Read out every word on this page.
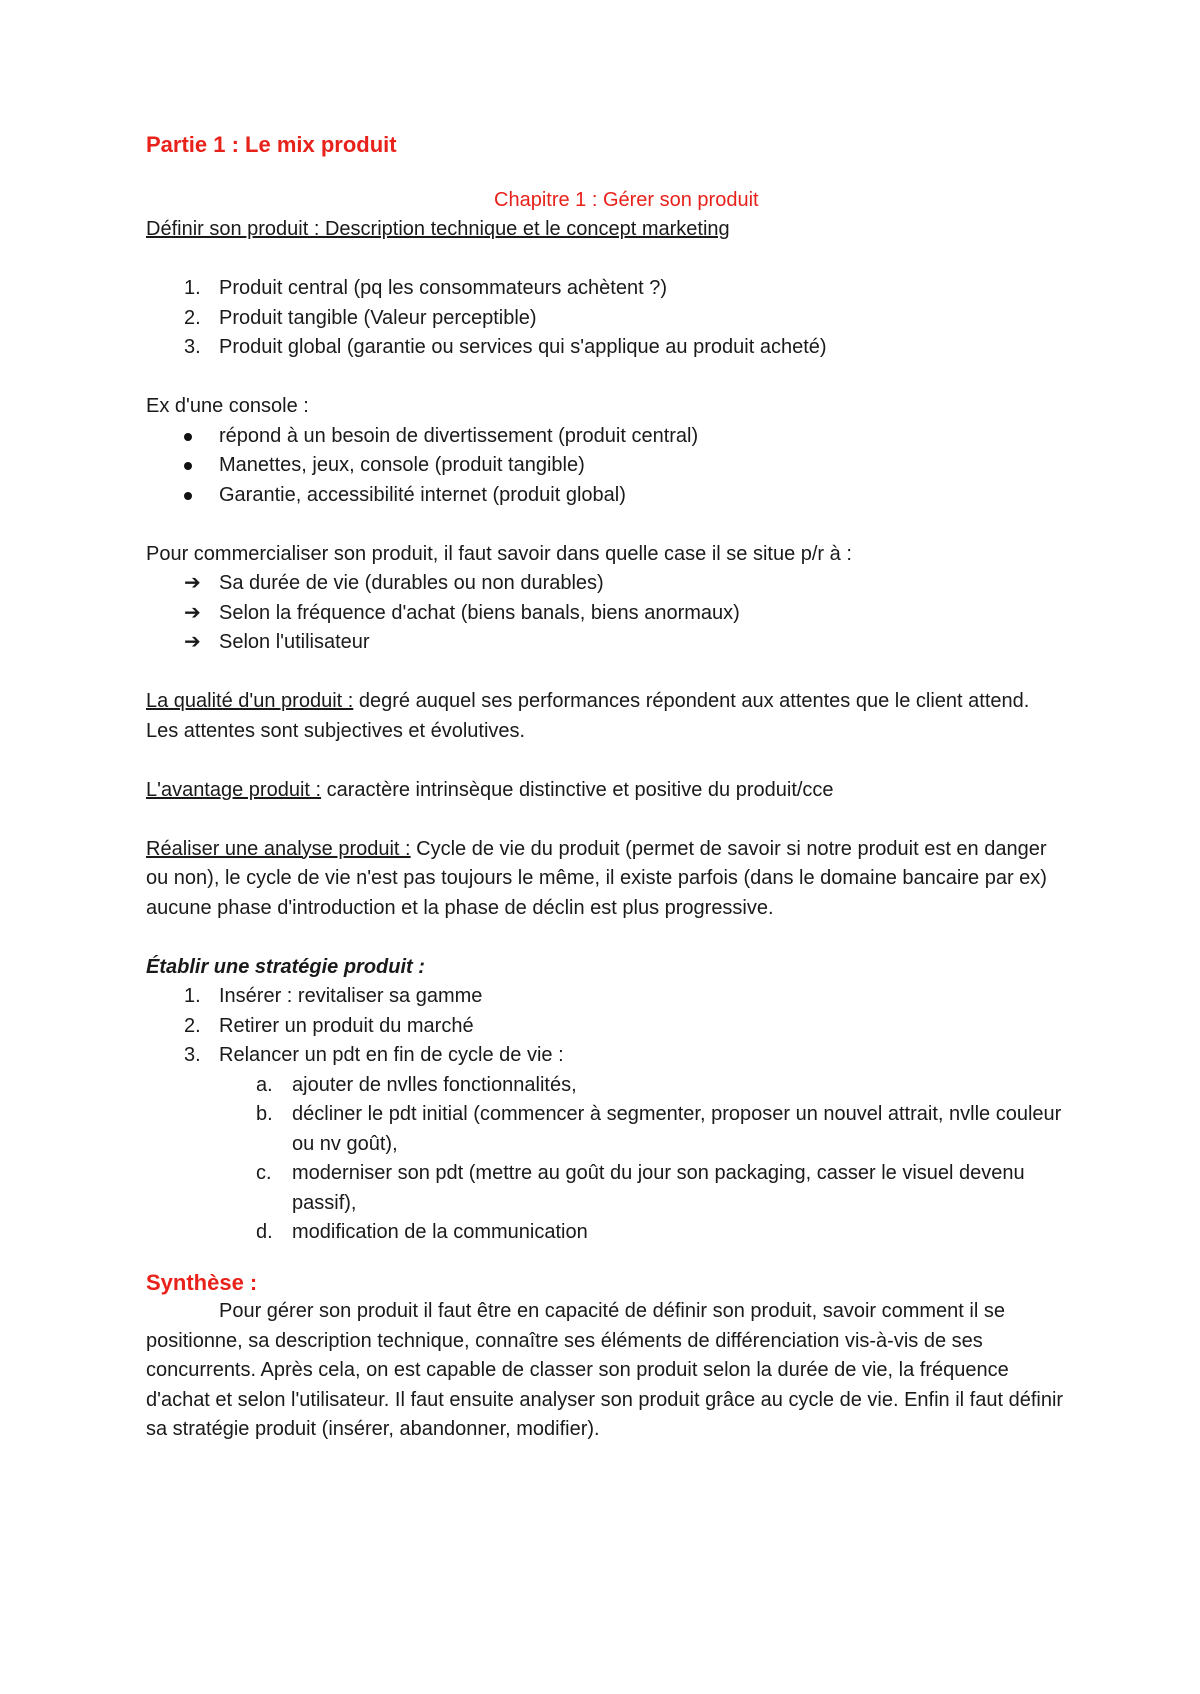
Partie 1 : Le mix produit

Chapitre 1 : Gérer son produit

Définir son produit : Description technique et le concept marketing

1. Produit central (pq les consommateurs achètent ?)

2. Produit tangible (Valeur perceptible)

3. Produit global (garantie ou services qui s'applique au produit acheté)

Ex d'une console :

répond à un besoin de divertissement (produit central)

Manettes, jeux, console (produit tangible)

Garantie, accessibilité internet (produit global)

Pour commercialiser son produit, il faut savoir dans quelle case il se situe p/r à :

➔ Sa durée de vie (durables ou non durables)

➔ Selon la fréquence d'achat (biens banals, biens anormaux)

➔ Selon l'utilisateur

La qualité d'un produit : degré auquel ses performances répondent aux attentes que le client attend. Les attentes sont subjectives et évolutives.

L'avantage produit : caractère intrinsèque distinctive et positive du produit/cce

Réaliser une analyse produit : Cycle de vie du produit (permet de savoir si notre produit est en danger ou non), le cycle de vie n'est pas toujours le même, il existe parfois (dans le domaine bancaire par ex) aucune phase d'introduction et la phase de déclin est plus progressive.

Établir une stratégie produit :

1. Insérer : revitaliser sa gamme

2. Retirer un produit du marché

3. Relancer un pdt en fin de cycle de vie :

a. ajouter de nvlles fonctionnalités,

b. décliner le pdt initial (commencer à segmenter, proposer un nouvel attrait, nvlle couleur ou nv goût),

c. moderniser son pdt (mettre au goût du jour son packaging, casser le visuel devenu passif),

d. modification de la communication

Synthèse :

Pour gérer son produit il faut être en capacité de définir son produit, savoir comment il se positionne, sa description technique, connaître ses éléments de différenciation vis-à-vis de ses concurrents. Après cela, on est capable de classer son produit selon la durée de vie, la fréquence d'achat et selon l'utilisateur. Il faut ensuite analyser son produit grâce au cycle de vie. Enfin il faut définir sa stratégie produit (insérer, abandonner, modifier).
